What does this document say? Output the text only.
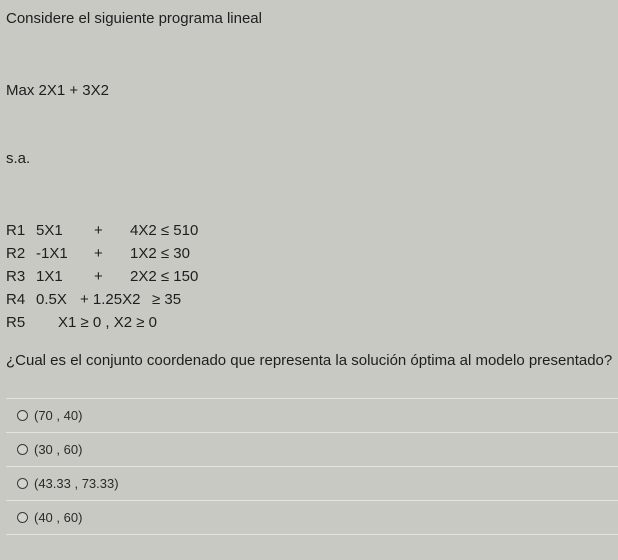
Considere el siguiente programa lineal
Max 2X1 + 3X2
s.a.
R1 5X1 + 4X2 ≤ 510
R2 -1X1 + 1X2 ≤ 30
R3 1X1 + 2X2 ≤ 150
R4 0.5X + 1.25X2 ≥ 35
R5 X1 ≥ 0 , X2 ≥ 0
¿Cual es el conjunto coordenado que representa la solución óptima al modelo presentado?
(70 , 40)
(30 , 60)
(43.33 , 73.33)
(40 , 60)
